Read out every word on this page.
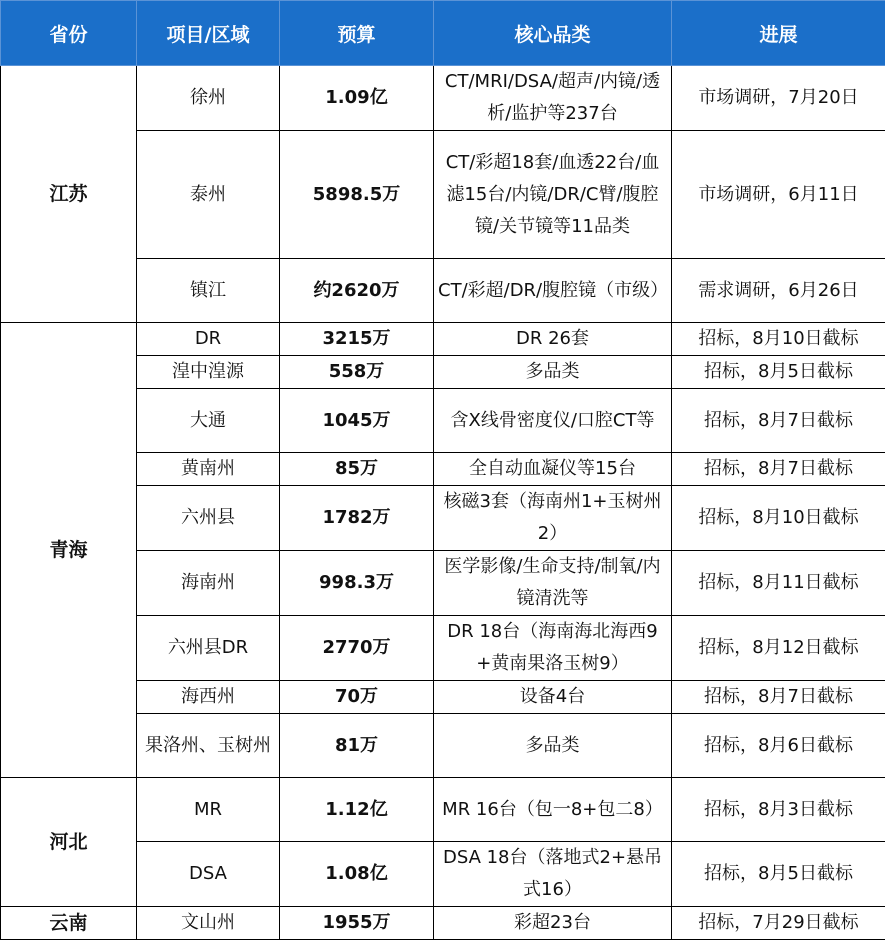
省份	项目/区域	预算	核心品类	进展
江苏	徐州	1.09亿	CT/MRI/DSA/超声/内镜/透析/监护等237台	市场调研，7月20日
	泰州	5898.5万	CT/彩超18套/血透22台/血滤15台/内镜/DR/C臂/腹腔镜/关节镜等11品类	市场调研，6月11日
	镇江	约2620万	CT/彩超/DR/腹腔镜（市级）	需求调研，6月26日
青海	DR	3215万	DR 26套	招标，8月10日截标
	湟中湟源	558万	多品类	招标，8月5日截标
	大通	1045万	含X线骨密度仪/口腔CT等	招标，8月7日截标
	黄南州	85万	全自动血凝仪等15台	招标，8月7日截标
	六州县	1782万	核磁3套（海南州1+玉树州2）	招标，8月10日截标
	海南州	998.3万	医学影像/生命支持/制氧/内镜清洗等	招标，8月11日截标
	六州县DR	2770万	DR 18台（海南海北海西9+黄南果洛玉树9）	招标，8月12日截标
	海西州	70万	设备4台	招标，8月7日截标
	果洛州、玉树州	81万	多品类	招标，8月6日截标
河北	MR	1.12亿	MR 16台（包一8+包二8）	招标，8月3日截标
	DSA	1.08亿	DSA 18台（落地式2+悬吊式16）	招标，8月5日截标
云南	文山州	1955万	彩超23台	招标，7月29日截标
